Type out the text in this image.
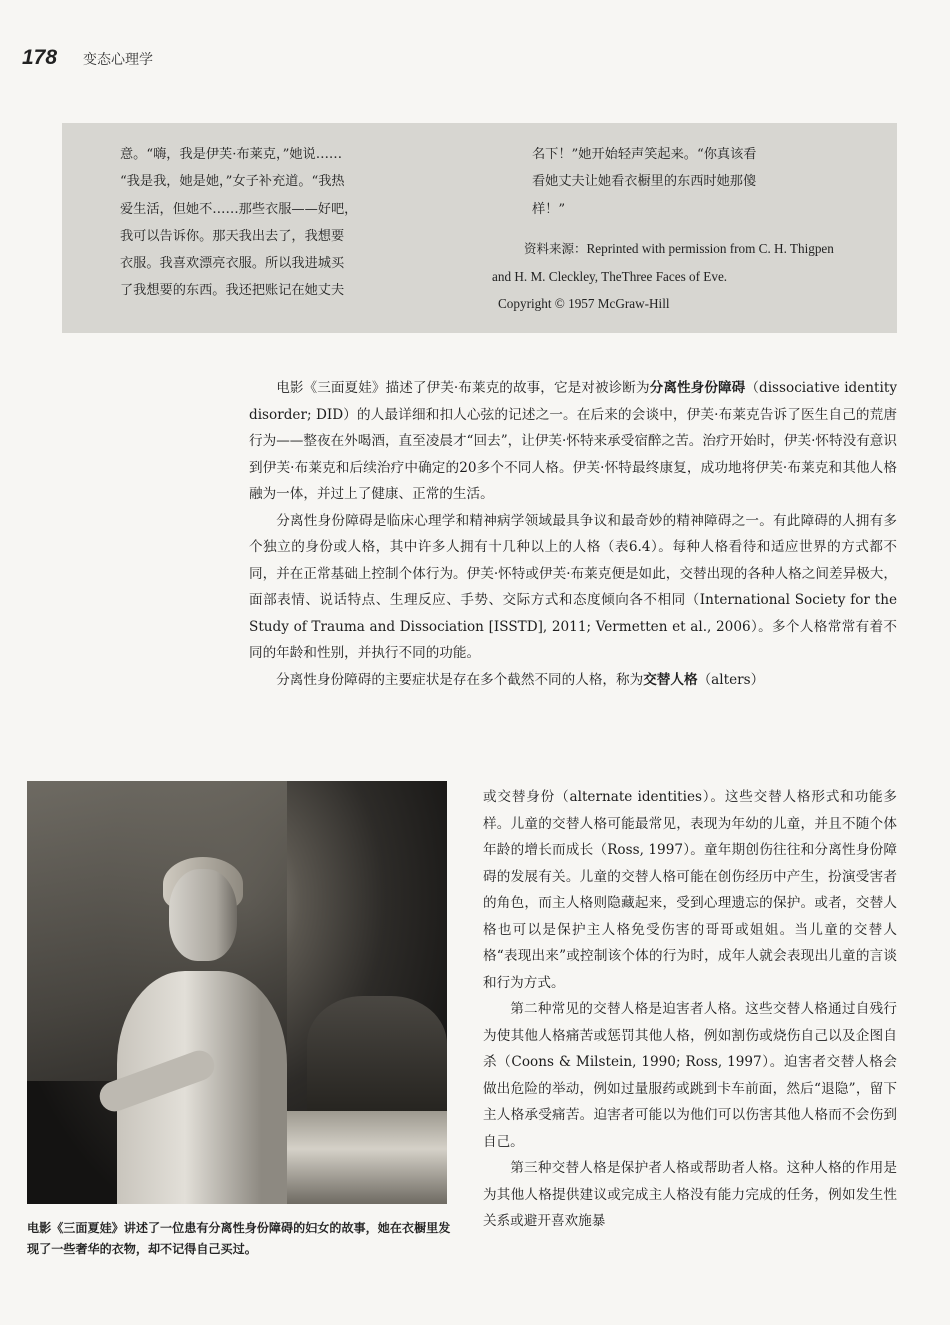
178 变态心理学
意。“嗨，我是伊芙·布莱克，”她说……
“我是我，她是她，”女子补充道。“我热
爱生活，但她不……那些衣服——好吧，
我可以告诉你。那天我出去了，我想要
衣服。我喜欢漂亮衣服。所以我进城买
了我想要的东西。我还把账记在她丈夫
名下！”她开始轻声笑起来。“你真该看
看她丈夫让她看衣橱里的东西时她那傻
样！”
资料来源：Reprinted with permission from C. H. Thigpen
and H. M. Cleckley, TheThree Faces of Eve.
Copyright © 1957 McGraw-Hill

电影《三面夏娃》描述了伊芙·布莱克的故事，它是对被诊断为分离性身份障碍（dissociative identity disorder; DID）的人最详细和扣人心弦的记述之一。在后来的会谈中，伊芙·布莱克告诉了医生自己的荒唐行为——整夜在外喝酒，直至凌晨才“回去”，让伊芙·怀特来承受宿醉之苦。治疗开始时，伊芙·怀特没有意识到伊芙·布莱克和后续治疗中确定的20多个不同人格。伊芙·怀特最终康复，成功地将伊芙·布莱克和其他人格融为一体，并过上了健康、正常的生活。

分离性身份障碍是临床心理学和精神病学领域最具争议和最奇妙的精神障碍之一。有此障碍的人拥有多个独立的身份或人格，其中许多人拥有十几种以上的人格（表6.4）。每种人格看待和适应世界的方式都不同，并在正常基础上控制个体行为。伊芙·怀特或伊芙·布莱克便是如此，交替出现的各种人格之间差异极大，面部表情、说话特点、生理反应、手势、交际方式和态度倾向各不相同（International Society for the Study of Trauma and Dissociation [ISSTD], 2011; Vermetten et al., 2006）。多个人格常常有着不同的年龄和性别，并执行不同的功能。

分离性身份障碍的主要症状是存在多个截然不同的人格，称为交替人格（alters）

电影《三面夏娃》讲述了一位患有分离性身份障碍的妇女的故事，她在衣橱里发现了一些奢华的衣物，却不记得自己买过。

或交替身份（alternate identities）。这些交替人格形式和功能多样。儿童的交替人格可能最常见，表现为年幼的儿童，并且不随个体年龄的增长而成长（Ross, 1997）。童年期创伤往往和分离性身份障碍的发展有关。儿童的交替人格可能在创伤经历中产生，扮演受害者的角色，而主人格则隐藏起来，受到心理遗忘的保护。或者，交替人格也可以是保护主人格免受伤害的哥哥或姐姐。当儿童的交替人格“表现出来”或控制该个体的行为时，成年人就会表现出儿童的言谈和行为方式。

第二种常见的交替人格是迫害者人格。这些交替人格通过自残行为使其他人格痛苦或惩罚其他人格，例如割伤或烧伤自己以及企图自杀（Coons & Milstein, 1990; Ross, 1997）。迫害者交替人格会做出危险的举动，例如过量服药或跳到卡车前面，然后“退隐”，留下主人格承受痛苦。迫害者可能以为他们可以伤害其他人格而不会伤到自己。

第三种交替人格是保护者人格或帮助者人格。这种人格的作用是为其他人格提供建议或完成主人格没有能力完成的任务，例如发生性关系或避开喜欢施暴
